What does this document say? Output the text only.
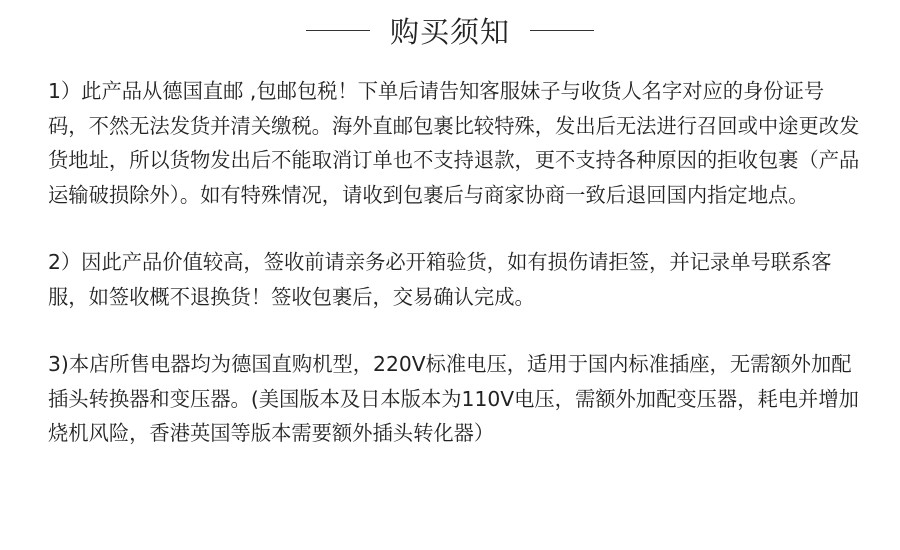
购买须知

1）此产品从德国直邮 ,包邮包税！下单后请告知客服妹子与收货人名字对应的身份证号码，不然无法发货并清关缴税。海外直邮包裹比较特殊，发出后无法进行召回或中途更改发货地址，所以货物发出后不能取消订单也不支持退款，更不支持各种原因的拒收包裹（产品运输破损除外）。如有特殊情况，请收到包裹后与商家协商一致后退回国内指定地点。

2）因此产品价值较高，签收前请亲务必开箱验货，如有损伤请拒签，并记录单号联系客服，如签收概不退换货！签收包裹后，交易确认完成。

3)本店所售电器均为德国直购机型，220V标准电压，适用于国内标准插座，无需额外加配插头转换器和变压器。(美国版本及日本版本为110V电压，需额外加配变压器，耗电并增加烧机风险，香港英国等版本需要额外插头转化器）
